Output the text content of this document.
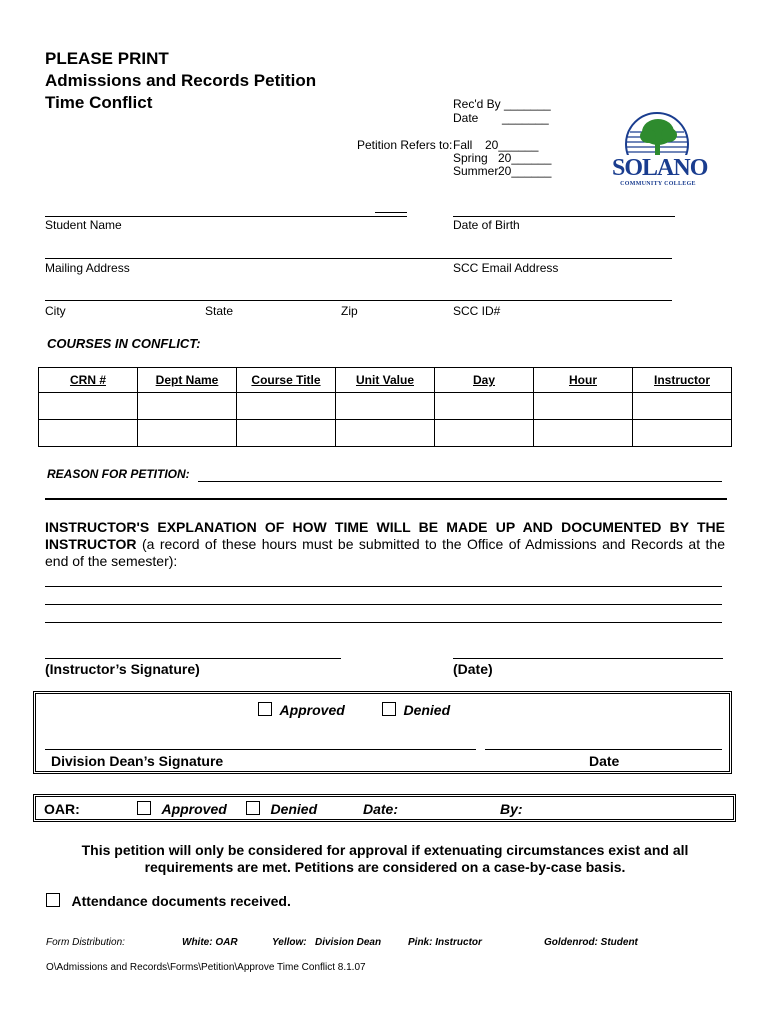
PLEASE PRINT
Admissions and Records Petition
Time Conflict	Rec'd By _______
Date _______
Petition Refers to: Fall 20______
Spring 20______
Summer 20______	SOLANO
COMMUNITY COLLEGE
Student Name	Date of Birth
Mailing Address	SCC Email Address
City	State	Zip	SCC ID#
COURSES IN CONFLICT:
CRN #	Dept Name	Course Title	Unit Value	Day	Hour	Instructor

REASON FOR PETITION:
INSTRUCTOR'S EXPLANATION OF HOW TIME WILL BE MADE UP AND DOCUMENTED BY THE INSTRUCTOR (a record of these hours must be submitted to the Office of Admissions and Records at the end of the semester):
(Instructor’s Signature)	(Date)
Approved	Denied
Division Dean’s Signature	Date
OAR:	Approved	Denied	Date:	By:
This petition will only be considered for approval if extenuating circumstances exist and all
requirements are met. Petitions are considered on a case-by-case basis.
Attendance documents received.
Form Distribution:	White: OAR	Yellow:   Division Dean	Pink: Instructor	Goldenrod: Student
O\Admissions and Records\Forms\Petition\Approve Time Conflict 8.1.07
